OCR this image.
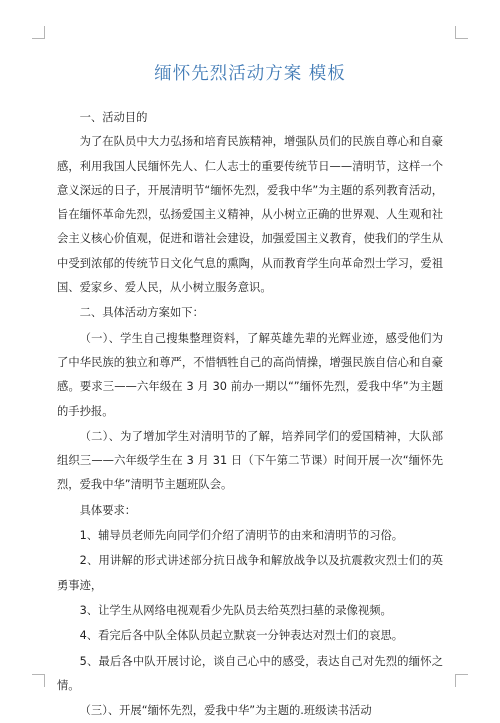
缅怀先烈活动方案 模板

一、活动目的

为了在队员中大力弘扬和培育民族精神，增强队员们的民族自尊心和自豪感，利用我国人民缅怀先人、仁人志士的重要传统节日——清明节，这样一个意义深远的日子，开展清明节“缅怀先烈，爱我中华”为主题的系列教育活动，旨在缅怀革命先烈，弘扬爱国主义精神，从小树立正确的世界观、人生观和社会主义核心价值观，促进和谐社会建设，加强爱国主义教育，使我们的学生从中受到浓郁的传统节日文化气息的熏陶，从而教育学生向革命烈士学习，爱祖国、爱家乡、爱人民，从小树立服务意识。

二、具体活动方案如下：

（一）、学生自己搜集整理资料，了解英雄先辈的光辉业迹，感受他们为了中华民族的独立和尊严，不惜牺牲自己的高尚情操，增强民族自信心和自豪感。要求三——六年级在 3 月 30 前办一期以“”缅怀先烈，爱我中华”为主题的手抄报。

（二）、为了增加学生对清明节的了解，培养同学们的爱国精神，大队部组织三——六年级学生在 3 月 31 日（下午第二节课）时间开展一次“缅怀先烈，爱我中华”清明节主题班队会。

具体要求：

1、辅导员老师先向同学们介绍了清明节的由来和清明节的习俗。

2、用讲解的形式讲述部分抗日战争和解放战争以及抗震救灾烈士们的英勇事迹，

3、让学生从网络电视观看少先队员去给英烈扫墓的录像视频。

4、看完后各中队全体队员起立默哀一分钟表达对烈士们的哀思。

5、最后各中队开展讨论，谈自己心中的感受，表达自己对先烈的缅怀之情。

（三）、开展“缅怀先烈，爱我中华”为主题的.班级读书活动
